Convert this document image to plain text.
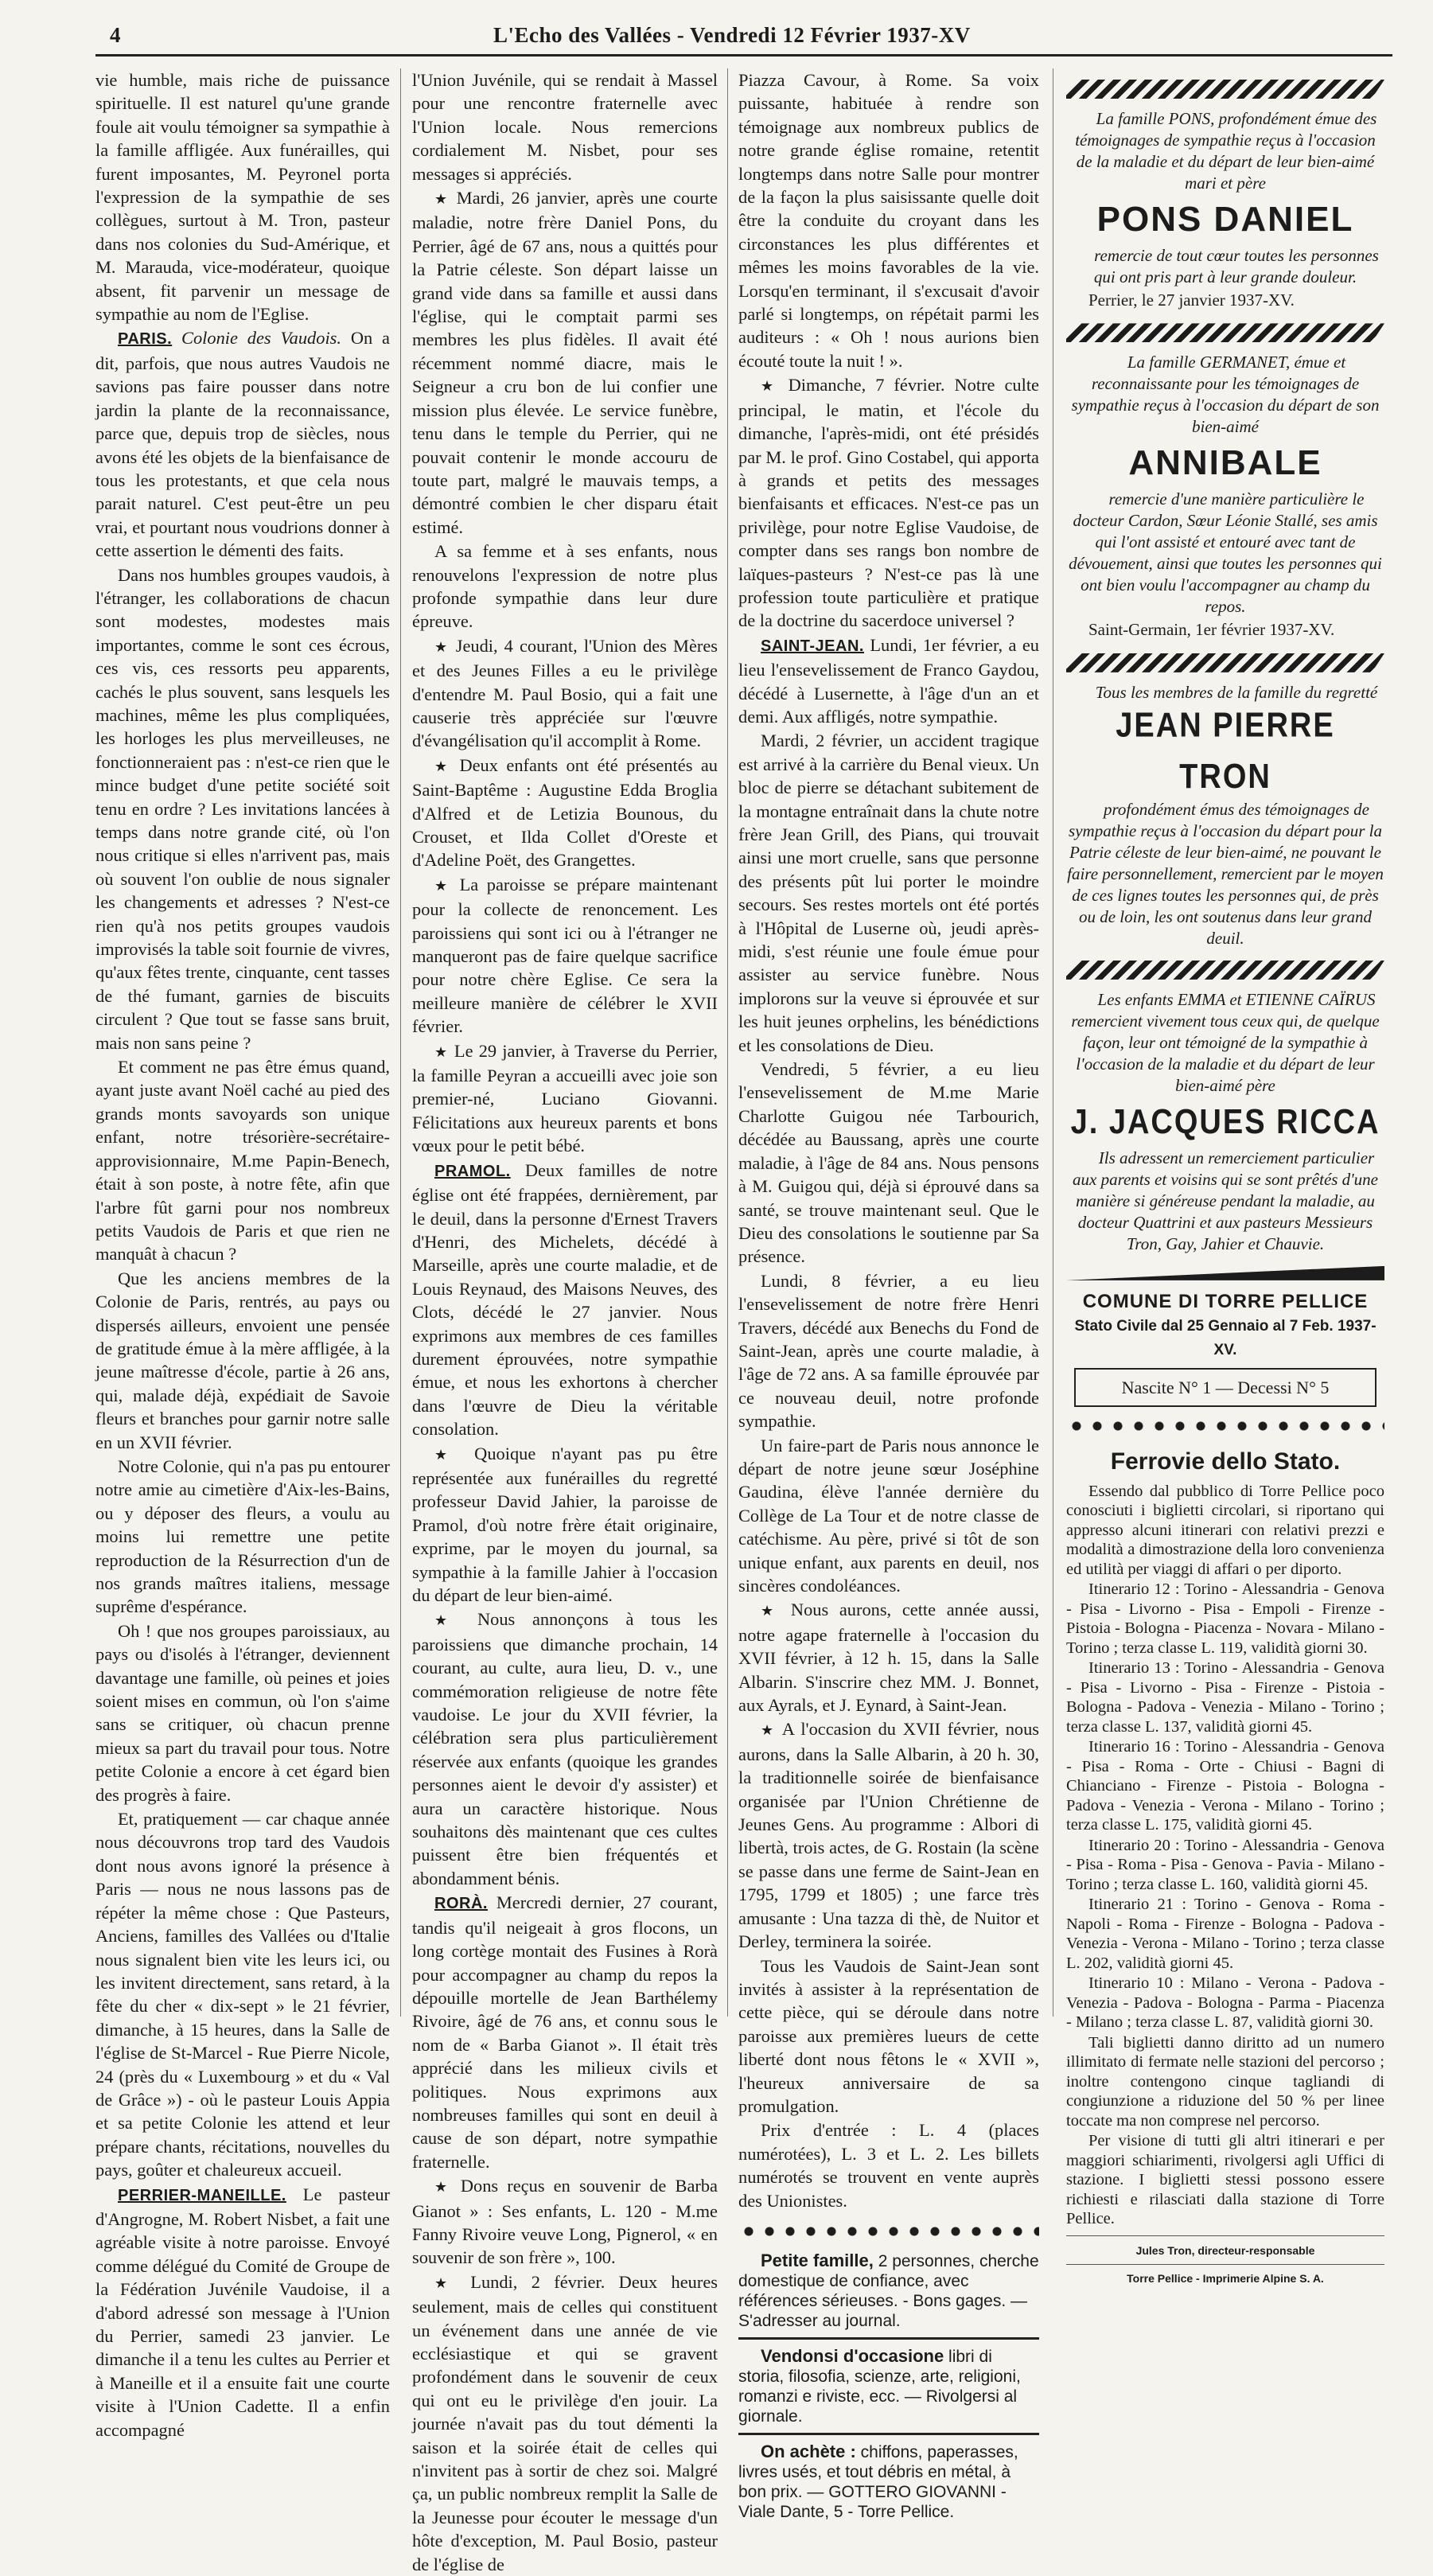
4	L'Echo des Vallées - Vendredi 12 Février 1937-XV

vie humble, mais riche de puissance spirituelle. Il est naturel qu'une grande foule ait voulu témoigner sa sympathie à la famille affligée. Aux funérailles, qui furent imposantes, M. Peyronel porta l'expression de la sympathie de ses collègues, surtout à M. Tron, pasteur dans nos colonies du Sud-Amérique, et M. Marauda, vice-modérateur, quoique absent, fit parvenir un message de sympathie au nom de l'Eglise.

PARIS. Colonie des Vaudois. On a dit, parfois, que nous autres Vaudois ne savions pas faire pousser dans notre jardin la plante de la reconnaissance, parce que, depuis trop de siècles, nous avons été les objets de la bienfaisance de tous les protestants, et que cela nous parait naturel. C'est peut-être un peu vrai, et pourtant nous voudrions donner à cette assertion le démenti des faits.

Dans nos humbles groupes vaudois, à l'étranger, les collaborations de chacun sont modestes, modestes mais importantes, comme le sont ces écrous, ces vis, ces ressorts peu apparents, cachés le plus souvent, sans lesquels les machines, même les plus compliquées, les horloges les plus merveilleuses, ne fonctionneraient pas : n'est-ce rien que le mince budget d'une petite société soit tenu en ordre ? Les invitations lancées à temps dans notre grande cité, où l'on nous critique si elles n'arrivent pas, mais où souvent l'on oublie de nous signaler les changements et adresses ? N'est-ce rien qu'à nos petits groupes vaudois improvisés la table soit fournie de vivres, qu'aux fêtes trente, cinquante, cent tasses de thé fumant, garnies de biscuits circulent ? Que tout se fasse sans bruit, mais non sans peine ?

Et comment ne pas être émus quand, ayant juste avant Noël caché au pied des grands monts savoyards son unique enfant, notre trésorière-secrétaire-approvisionnaire, M.me Papin-Benech, était à son poste, à notre fête, afin que l'arbre fût garni pour nos nombreux petits Vaudois de Paris et que rien ne manquât à chacun ?

Que les anciens membres de la Colonie de Paris, rentrés, au pays ou dispersés ailleurs, envoient une pensée de gratitude émue à la mère affligée, à la jeune maîtresse d'école, partie à 26 ans, qui, malade déjà, expédiait de Savoie fleurs et branches pour garnir notre salle en un XVII février.

Notre Colonie, qui n'a pas pu entourer notre amie au cimetière d'Aix-les-Bains, ou y déposer des fleurs, a voulu au moins lui remettre une petite reproduction de la Résurrection d'un de nos grands maîtres italiens, message suprême d'espérance.

Oh ! que nos groupes paroissiaux, au pays ou d'isolés à l'étranger, deviennent davantage une famille, où peines et joies soient mises en commun, où l'on s'aime sans se critiquer, où chacun prenne mieux sa part du travail pour tous. Notre petite Colonie a encore à cet égard bien des progrès à faire.

Et, pratiquement — car chaque année nous découvrons trop tard des Vaudois dont nous avons ignoré la présence à Paris — nous ne nous lassons pas de répéter la même chose : Que Pasteurs, Anciens, familles des Vallées ou d'Italie nous signalent bien vite les leurs ici, ou les invitent directement, sans retard, à la fête du cher « dix-sept » le 21 février, dimanche, à 15 heures, dans la Salle de l'église de St-Marcel - Rue Pierre Nicole, 24 (près du « Luxembourg » et du « Val de Grâce ») - où le pasteur Louis Appia et sa petite Colonie les attend et leur prépare chants, récitations, nouvelles du pays, goûter et chaleureux accueil.

PERRIER-MANEILLE. Le pasteur d'Angrogne, M. Robert Nisbet, a fait une agréable visite à notre paroisse. Envoyé comme délégué du Comité de Groupe de la Fédération Juvénile Vaudoise, il a d'abord adressé son message à l'Union du Perrier, samedi 23 janvier. Le dimanche il a tenu les cultes au Perrier et à Maneille et il a ensuite fait une courte visite à l'Union Cadette. Il a enfin accompagné

l'Union Juvénile, qui se rendait à Massel pour une rencontre fraternelle avec l'Union locale. Nous remercions cordialement M. Nisbet, pour ses messages si appréciés.

★ Mardi, 26 janvier, après une courte maladie, notre frère Daniel Pons, du Perrier, âgé de 67 ans, nous a quittés pour la Patrie céleste. Son départ laisse un grand vide dans sa famille et aussi dans l'église, qui le comptait parmi ses membres les plus fidèles. Il avait été récemment nommé diacre, mais le Seigneur a cru bon de lui confier une mission plus élevée. Le service funèbre, tenu dans le temple du Perrier, qui ne pouvait contenir le monde accouru de toute part, malgré le mauvais temps, a démontré combien le cher disparu était estimé.

A sa femme et à ses enfants, nous renouvelons l'expression de notre plus profonde sympathie dans leur dure épreuve.

★ Jeudi, 4 courant, l'Union des Mères et des Jeunes Filles a eu le privilège d'entendre M. Paul Bosio, qui a fait une causerie très appréciée sur l'œuvre d'évangélisation qu'il accomplit à Rome.

★ Deux enfants ont été présentés au Saint-Baptême : Augustine Edda Broglia d'Alfred et de Letizia Bounous, du Crouset, et Ilda Collet d'Oreste et d'Adeline Poët, des Grangettes.

★ La paroisse se prépare maintenant pour la collecte de renoncement. Les paroissiens qui sont ici ou à l'étranger ne manqueront pas de faire quelque sacrifice pour notre chère Eglise. Ce sera la meilleure manière de célébrer le XVII février.

★ Le 29 janvier, à Traverse du Perrier, la famille Peyran a accueilli avec joie son premier-né, Luciano Giovanni. Félicitations aux heureux parents et bons vœux pour le petit bébé.

PRAMOL. Deux familles de notre église ont été frappées, dernièrement, par le deuil, dans la personne d'Ernest Travers d'Henri, des Michelets, décédé à Marseille, après une courte maladie, et de Louis Reynaud, des Maisons Neuves, des Clots, décédé le 27 janvier. Nous exprimons aux membres de ces familles durement éprouvées, notre sympathie émue, et nous les exhortons à chercher dans l'œuvre de Dieu la véritable consolation.

★ Quoique n'ayant pas pu être représentée aux funérailles du regretté professeur David Jahier, la paroisse de Pramol, d'où notre frère était originaire, exprime, par le moyen du journal, sa sympathie à la famille Jahier à l'occasion du départ de leur bien-aimé.

★ Nous annonçons à tous les paroissiens que dimanche prochain, 14 courant, au culte, aura lieu, D. v., une commémoration religieuse de notre fête vaudoise. Le jour du XVII février, la célébration sera plus particulièrement réservée aux enfants (quoique les grandes personnes aient le devoir d'y assister) et aura un caractère historique. Nous souhaitons dès maintenant que ces cultes puissent être bien fréquentés et abondamment bénis.

RORÀ. Mercredi dernier, 27 courant, tandis qu'il neigeait à gros flocons, un long cortège montait des Fusines à Rorà pour accompagner au champ du repos la dépouille mortelle de Jean Barthélemy Rivoire, âgé de 76 ans, et connu sous le nom de « Barba Gianot ». Il était très apprécié dans les milieux civils et politiques. Nous exprimons aux nombreuses familles qui sont en deuil à cause de son départ, notre sympathie fraternelle.

★ Dons reçus en souvenir de Barba Gianot » : Ses enfants, L. 120 - M.me Fanny Rivoire veuve Long, Pignerol, « en souvenir de son frère », 100.

★ Lundi, 2 février. Deux heures seulement, mais de celles qui constituent un événement dans une année de vie ecclésiastique et qui se gravent profondément dans le souvenir de ceux qui ont eu le privilège d'en jouir. La journée n'avait pas du tout démenti la saison et la soirée était de celles qui n'invitent pas à sortir de chez soi. Malgré ça, un public nombreux remplit la Salle de la Jeunesse pour écouter le message d'un hôte d'exception, M. Paul Bosio, pasteur de l'église de

Piazza Cavour, à Rome. Sa voix puissante, habituée à rendre son témoignage aux nombreux publics de notre grande église romaine, retentit longtemps dans notre Salle pour montrer de la façon la plus saisissante quelle doit être la conduite du croyant dans les circonstances les plus différentes et mêmes les moins favorables de la vie. Lorsqu'en terminant, il s'excusait d'avoir parlé si longtemps, on répétait parmi les auditeurs : « Oh ! nous aurions bien écouté toute la nuit ! ».

★ Dimanche, 7 février. Notre culte principal, le matin, et l'école du dimanche, l'après-midi, ont été présidés par M. le prof. Gino Costabel, qui apporta à grands et petits des messages bienfaisants et efficaces. N'est-ce pas un privilège, pour notre Eglise Vaudoise, de compter dans ses rangs bon nombre de laïques-pasteurs ? N'est-ce pas là une profession toute particulière et pratique de la doctrine du sacerdoce universel ?

SAINT-JEAN. Lundi, 1er février, a eu lieu l'ensevelissement de Franco Gaydou, décédé à Lusernette, à l'âge d'un an et demi. Aux affligés, notre sympathie.

Mardi, 2 février, un accident tragique est arrivé à la carrière du Benal vieux. Un bloc de pierre se détachant subitement de la montagne entraînait dans la chute notre frère Jean Grill, des Pians, qui trouvait ainsi une mort cruelle, sans que personne des présents pût lui porter le moindre secours. Ses restes mortels ont été portés à l'Hôpital de Luserne où, jeudi après-midi, s'est réunie une foule émue pour assister au service funèbre. Nous implorons sur la veuve si éprouvée et sur les huit jeunes orphelins, les bénédictions et les consolations de Dieu.

Vendredi, 5 février, a eu lieu l'ensevelissement de M.me Marie Charlotte Guigou née Tarbourich, décédée au Baussang, après une courte maladie, à l'âge de 84 ans. Nous pensons à M. Guigou qui, déjà si éprouvé dans sa santé, se trouve maintenant seul. Que le Dieu des consolations le soutienne par Sa présence.

Lundi, 8 février, a eu lieu l'ensevelissement de notre frère Henri Travers, décédé aux Benechs du Fond de Saint-Jean, après une courte maladie, à l'âge de 72 ans. A sa famille éprouvée par ce nouveau deuil, notre profonde sympathie.

Un faire-part de Paris nous annonce le départ de notre jeune sœur Joséphine Gaudina, élève l'année dernière du Collège de La Tour et de notre classe de catéchisme. Au père, privé si tôt de son unique enfant, aux parents en deuil, nos sincères condoléances.

★ Nous aurons, cette année aussi, notre agape fraternelle à l'occasion du XVII février, à 12 h. 15, dans la Salle Albarin. S'inscrire chez MM. J. Bonnet, aux Ayrals, et J. Eynard, à Saint-Jean.

★ A l'occasion du XVII février, nous aurons, dans la Salle Albarin, à 20 h. 30, la traditionnelle soirée de bienfaisance organisée par l'Union Chrétienne de Jeunes Gens. Au programme : Albori di libertà, trois actes, de G. Rostain (la scène se passe dans une ferme de Saint-Jean en 1795, 1799 et 1805) ; une farce très amusante : Una tazza di thè, de Nuitor et Derley, terminera la soirée.

Tous les Vaudois de Saint-Jean sont invités à assister à la représentation de cette pièce, qui se déroule dans notre paroisse aux premières lueurs de cette liberté dont nous fêtons le « XVII », l'heureux anniversaire de sa promulgation.

Prix d'entrée : L. 4 (places numérotées), L. 3 et L. 2. Les billets numérotés se trouvent en vente auprès des Unionistes.

Petite famille, 2 personnes, cherche domestique de confiance, avec références sérieuses. - Bons gages. — S'adresser au journal.

Vendonsi d'occasione libri di storia, filosofia, scienze, arte, religioni, romanzi e riviste, ecc. — Rivolgersi al giornale.

On achète : chiffons, paperasses, livres usés, et tout débris en métal, à bon prix. — GOTTERO GIOVANNI - Viale Dante, 5 - Torre Pellice.

La famille PONS, profondément émue des témoignages de sympathie reçus à l'occasion de la maladie et du départ de leur bien-aimé mari et père

PONS DANIEL

remercie de tout cœur toutes les personnes qui ont pris part à leur grande douleur.

Perrier, le 27 janvier 1937-XV.

La famille GERMANET, émue et reconnaissante pour les témoignages de sympathie reçus à l'occasion du départ de son bien-aimé

ANNIBALE

remercie d'une manière particulière le docteur Cardon, Sœur Léonie Stallé, ses amis qui l'ont assisté et entouré avec tant de dévouement, ainsi que toutes les personnes qui ont bien voulu l'accompagner au champ du repos.

Saint-Germain, 1er février 1937-XV.

Tous les membres de la famille du regretté

JEAN PIERRE TRON

profondément émus des témoignages de sympathie reçus à l'occasion du départ pour la Patrie céleste de leur bien-aimé, ne pouvant le faire personnellement, remercient par le moyen de ces lignes toutes les personnes qui, de près ou de loin, les ont soutenus dans leur grand deuil.

Les enfants EMMA et ETIENNE CAÏRUS remercient vivement tous ceux qui, de quelque façon, leur ont témoigné de la sympathie à l'occasion de la maladie et du départ de leur bien-aimé père

J. JACQUES RICCA

Ils adressent un remerciement particulier aux parents et voisins qui se sont prêtés d'une manière si généreuse pendant la maladie, au docteur Quattrini et aux pasteurs Messieurs Tron, Gay, Jahier et Chauvie.

COMUNE DI TORRE PELLICE
Stato Civile dal 25 Gennaio al 7 Feb. 1937-XV.
Nascite N° 1 — Decessi N° 5
Ferrovie dello Stato.

Essendo dal pubblico di Torre Pellice poco conosciuti i biglietti circolari, si riportano qui appresso alcuni itinerari con relativi prezzi e modalità a dimostrazione della loro convenienza ed utilità per viaggi di affari o per diporto.

Itinerario 12 : Torino - Alessandria - Genova - Pisa - Livorno - Pisa - Empoli - Firenze - Pistoia - Bologna - Piacenza - Novara - Milano - Torino ; terza classe L. 119, validità giorni 30.

Itinerario 13 : Torino - Alessandria - Genova - Pisa - Livorno - Pisa - Firenze - Pistoia - Bologna - Padova - Venezia - Milano - Torino ; terza classe L. 137, validità giorni 45.

Itinerario 16 : Torino - Alessandria - Genova - Pisa - Roma - Orte - Chiusi - Bagni di Chianciano - Firenze - Pistoia - Bologna - Padova - Venezia - Verona - Milano - Torino ; terza classe L. 175, validità giorni 45.

Itinerario 20 : Torino - Alessandria - Genova - Pisa - Roma - Pisa - Genova - Pavia - Milano - Torino ; terza classe L. 160, validità giorni 45.

Itinerario 21 : Torino - Genova - Roma - Napoli - Roma - Firenze - Bologna - Padova - Venezia - Verona - Milano - Torino ; terza classe L. 202, validità giorni 45.

Itinerario 10 : Milano - Verona - Padova - Venezia - Padova - Bologna - Parma - Piacenza - Milano ; terza classe L. 87, validità giorni 30.

Tali biglietti danno diritto ad un numero illimitato di fermate nelle stazioni del percorso ; inoltre contengono cinque tagliandi di congiunzione a riduzione del 50 % per linee toccate ma non comprese nel percorso.

Per visione di tutti gli altri itinerari e per maggiori schiarimenti, rivolgersi agli Uffici di stazione. I biglietti stessi possono essere richiesti e rilasciati dalla stazione di Torre Pellice.

Jules Tron, directeur-responsable
Torre Pellice - Imprimerie Alpine S. A.
